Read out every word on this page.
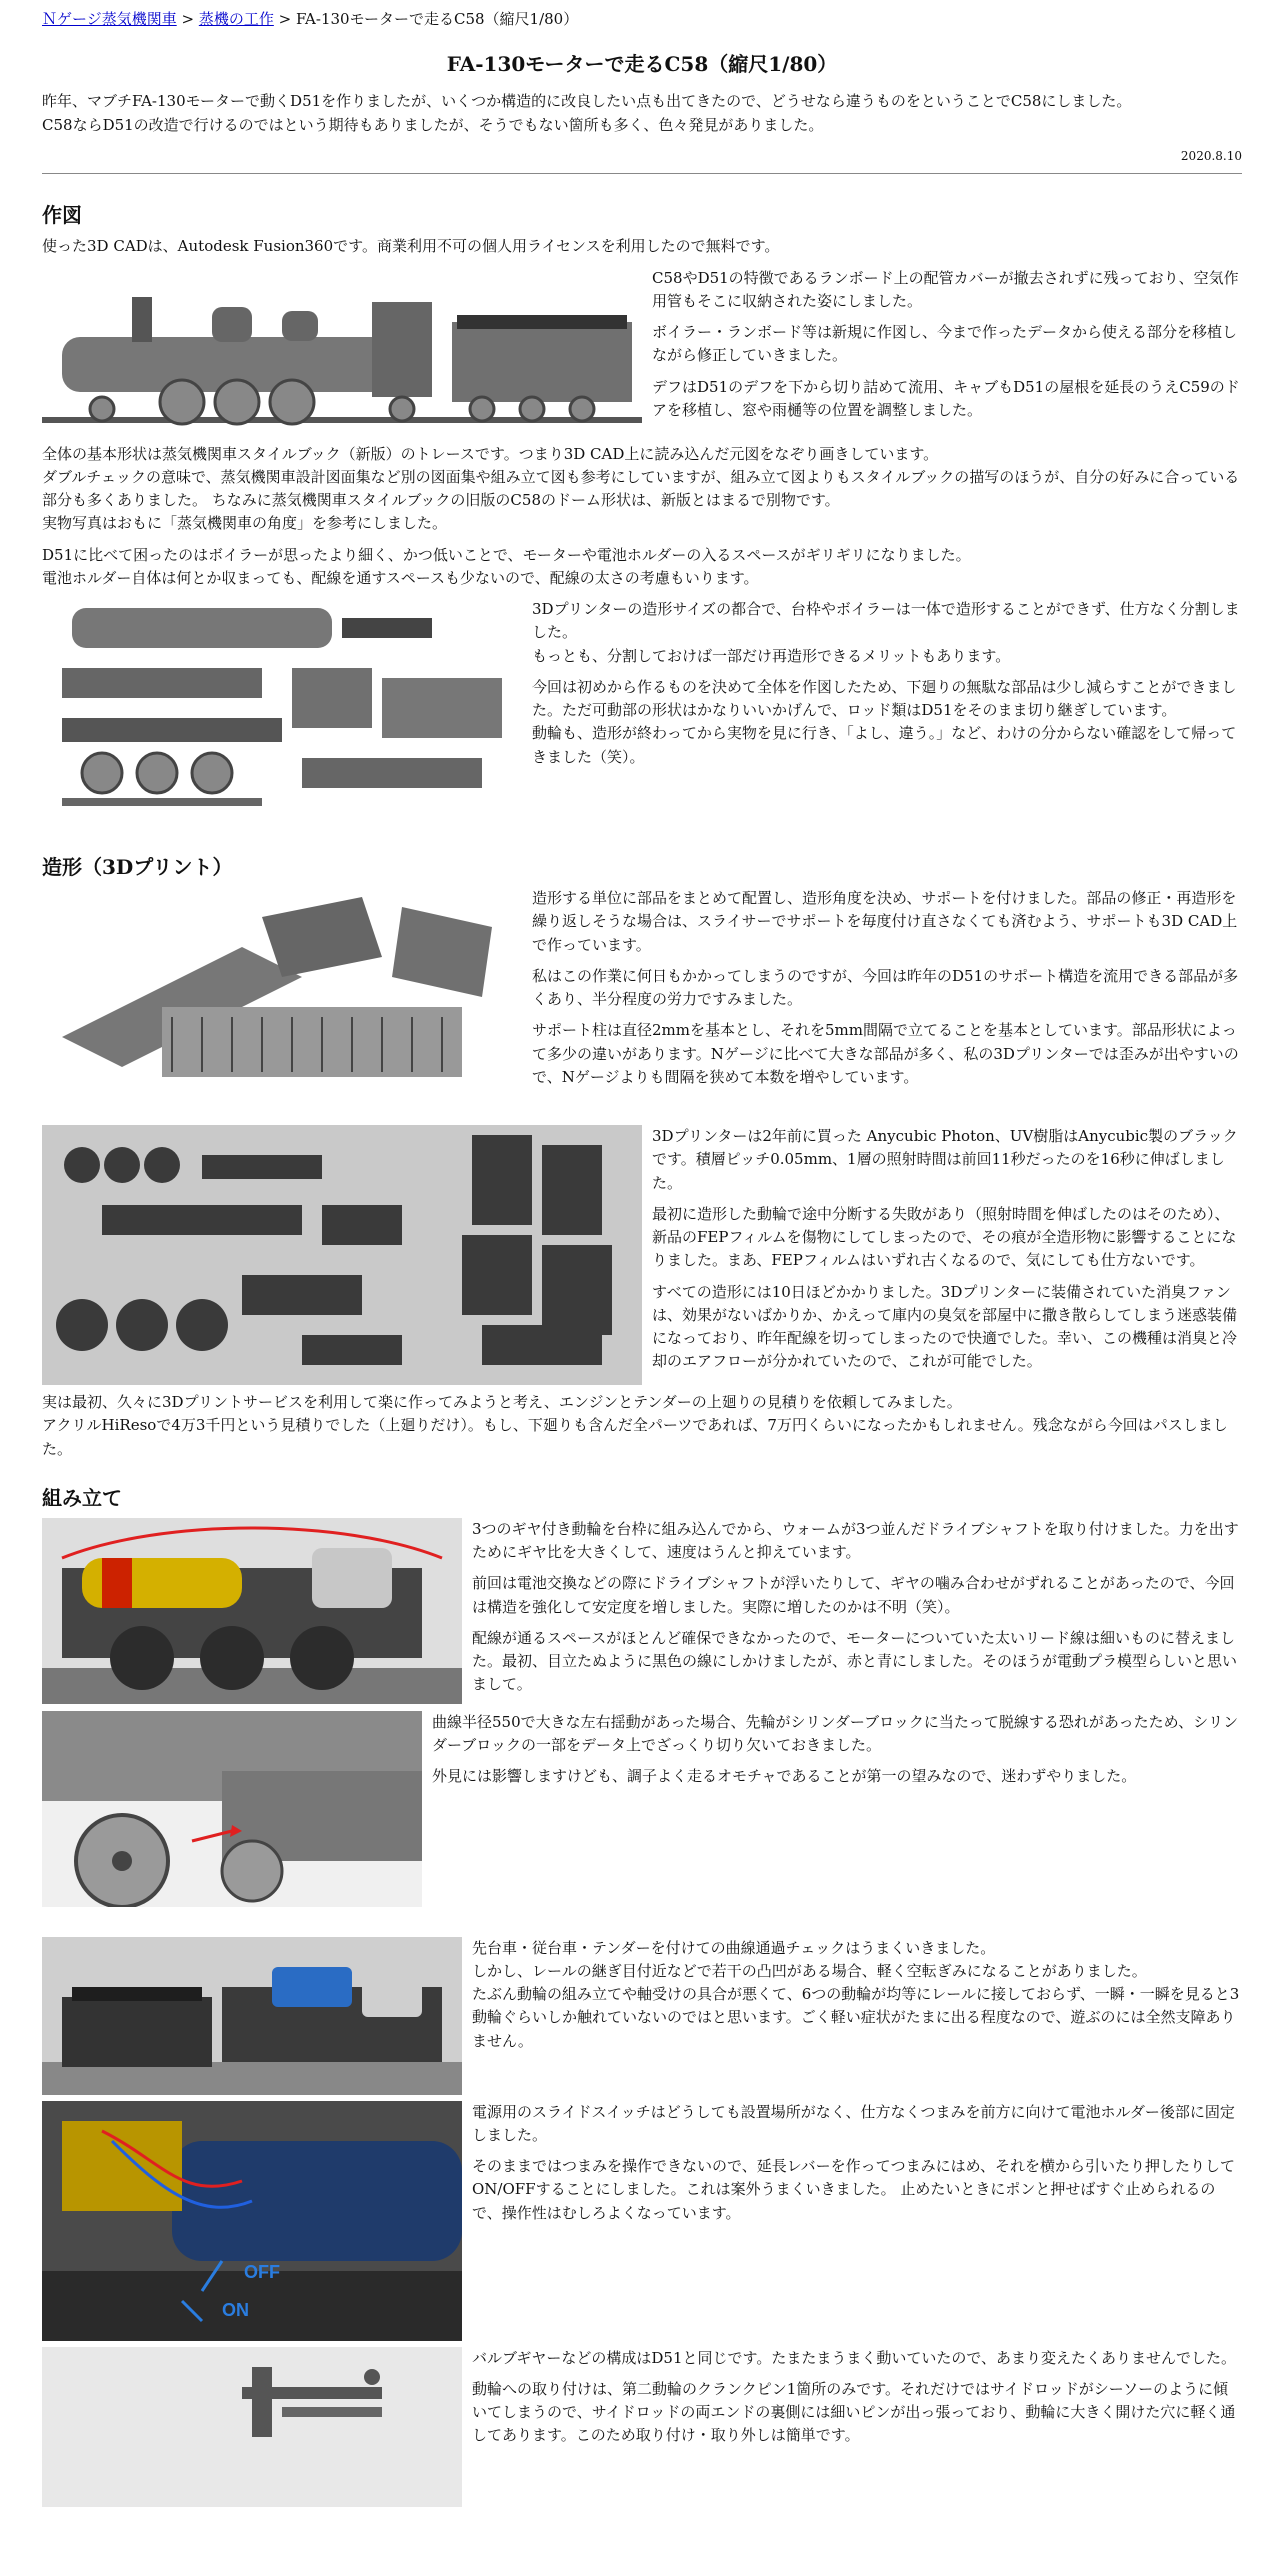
Ｎゲージ蒸気機関車 > 蒸機の工作 > FA-130モーターで走るC58（縮尺1/80）
FA-130モーターで走るC58（縮尺1/80）

昨年、マブチFA-130モーターで動くD51を作りましたが、いくつか構造的に改良したい点も出てきたので、どうせなら違うものをということでC58にしました。

C58ならD51の改造で行けるのではという期待もありましたが、そうでもない箇所も多く、色々発見がありました。

2020.8.10
作図

使った3D CADは、Autodesk Fusion360です。商業利用不可の個人用ライセンスを利用したので無料です。

C58やD51の特徴であるランボード上の配管カバーが撤去されずに残っており、空気作用管もそこに収納された姿にしました。

ボイラー・ランボード等は新規に作図し、今まで作ったデータから使える部分を移植しながら修正していきました。

デフはD51のデフを下から切り詰めて流用、キャブもD51の屋根を延長のうえC59のドアを移植し、窓や雨樋等の位置を調整しました。

全体の基本形状は蒸気機関車スタイルブック（新版）のトレースです。つまり3D CAD上に読み込んだ元図をなぞり画きしています。

ダブルチェックの意味で、蒸気機関車設計図面集など別の図面集や組み立て図も参考にしていますが、組み立て図よりもスタイルブックの描写のほうが、自分の好みに合っている部分も多くありました。 ちなみに蒸気機関車スタイルブックの旧版のC58のドーム形状は、新版とはまるで別物です。

実物写真はおもに「蒸気機関車の角度」を参考にしました。

D51に比べて困ったのはボイラーが思ったより細く、かつ低いことで、モーターや電池ホルダーの入るスペースがギリギリになりました。

電池ホルダー自体は何とか収まっても、配線を通すスペースも少ないので、配線の太さの考慮もいります。

3Dプリンターの造形サイズの都合で、台枠やボイラーは一体で造形することができず、仕方なく分割しました。

もっとも、分割しておけば一部だけ再造形できるメリットもあります。

今回は初めから作るものを決めて全体を作図したため、下廻りの無駄な部品は少し減らすことができました。ただ可動部の形状はかなりいいかげんで、ロッド類はD51をそのまま切り継ぎしています。

動輪も、造形が終わってから実物を見に行き、「よし、違う。」など、わけの分からない確認をして帰ってきました（笑）。

造形（3Dプリント）

造形する単位に部品をまとめて配置し、造形角度を決め、サポートを付けました。部品の修正・再造形を繰り返しそうな場合は、スライサーでサポートを毎度付け直さなくても済むよう、サポートも3D CAD上で作っています。

私はこの作業に何日もかかってしまうのですが、今回は昨年のD51のサポート構造を流用できる部品が多くあり、半分程度の労力ですみました。

サポート柱は直径2mmを基本とし、それを5mm間隔で立てることを基本としています。部品形状によって多少の違いがあります。Nゲージに比べて大きな部品が多く、私の3Dプリンターでは歪みが出やすいので、Nゲージよりも間隔を狭めて本数を増やしています。

3Dプリンターは2年前に買った Anycubic Photon、UV樹脂はAnycubic製のブラックです。積層ピッチ0.05mm、1層の照射時間は前回11秒だったのを16秒に伸ばしました。

最初に造形した動輪で途中分断する失敗があり（照射時間を伸ばしたのはそのため）、新品のFEPフィルムを傷物にしてしまったので、その痕が全造形物に影響することになりました。まあ、FEPフィルムはいずれ古くなるので、気にしても仕方ないです。

すべての造形には10日ほどかかりました。3Dプリンターに装備されていた消臭ファンは、効果がないばかりか、かえって庫内の臭気を部屋中に撒き散らしてしまう迷惑装備になっており、昨年配線を切ってしまったので快適でした。幸い、この機種は消臭と冷却のエアフローが分かれていたので、これが可能でした。

実は最初、久々に3Dプリントサービスを利用して楽に作ってみようと考え、エンジンとテンダーの上廻りの見積りを依頼してみました。

アクリルHiResoで4万3千円という見積りでした（上廻りだけ）。もし、下廻りも含んだ全パーツであれば、7万円くらいになったかもしれません。残念ながら今回はパスしました。

組み立て

3つのギヤ付き動輪を台枠に組み込んでから、ウォームが3つ並んだドライブシャフトを取り付けました。力を出すためにギヤ比を大きくして、速度はうんと抑えています。

前回は電池交換などの際にドライブシャフトが浮いたりして、ギヤの噛み合わせがずれることがあったので、今回は構造を強化して安定度を増しました。実際に増したのかは不明（笑）。

配線が通るスペースがほとんど確保できなかったので、モーターについていた太いリード線は細いものに替えました。最初、目立たぬように黒色の線にしかけましたが、赤と青にしました。そのほうが電動プラ模型らしいと思いまして。

曲線半径550で大きな左右揺動があった場合、先輪がシリンダーブロックに当たって脱線する恐れがあったため、シリンダーブロックの一部をデータ上でざっくり切り欠いておきました。

外見には影響しますけども、調子よく走るオモチャであることが第一の望みなので、迷わずやりました。

先台車・従台車・テンダーを付けての曲線通過チェックはうまくいきました。

しかし、レールの継ぎ目付近などで若干の凸凹がある場合、軽く空転ぎみになることがありました。

たぶん動輪の組み立てや軸受けの具合が悪くて、6つの動輪が均等にレールに接しておらず、一瞬・一瞬を見ると3動輪ぐらいしか触れていないのではと思います。ごく軽い症状がたまに出る程度なので、遊ぶのには全然支障ありません。

OFF
ON

電源用のスライドスイッチはどうしても設置場所がなく、仕方なくつまみを前方に向けて電池ホルダー後部に固定しました。

そのままではつまみを操作できないので、延長レバーを作ってつまみにはめ、それを横から引いたり押したりしてON/OFFすることにしました。これは案外うまくいきました。 止めたいときにポンと押せばすぐ止められるので、操作性はむしろよくなっています。

バルブギヤーなどの構成はD51と同じです。たまたまうまく動いていたので、あまり変えたくありませんでした。

動輪への取り付けは、第二動輪のクランクピン1箇所のみです。それだけではサイドロッドがシーソーのように傾いてしまうので、サイドロッドの両エンドの裏側には細いピンが出っ張っており、動輪に大きく開けた穴に軽く通してあります。このため取り付け・取り外しは簡単です。
